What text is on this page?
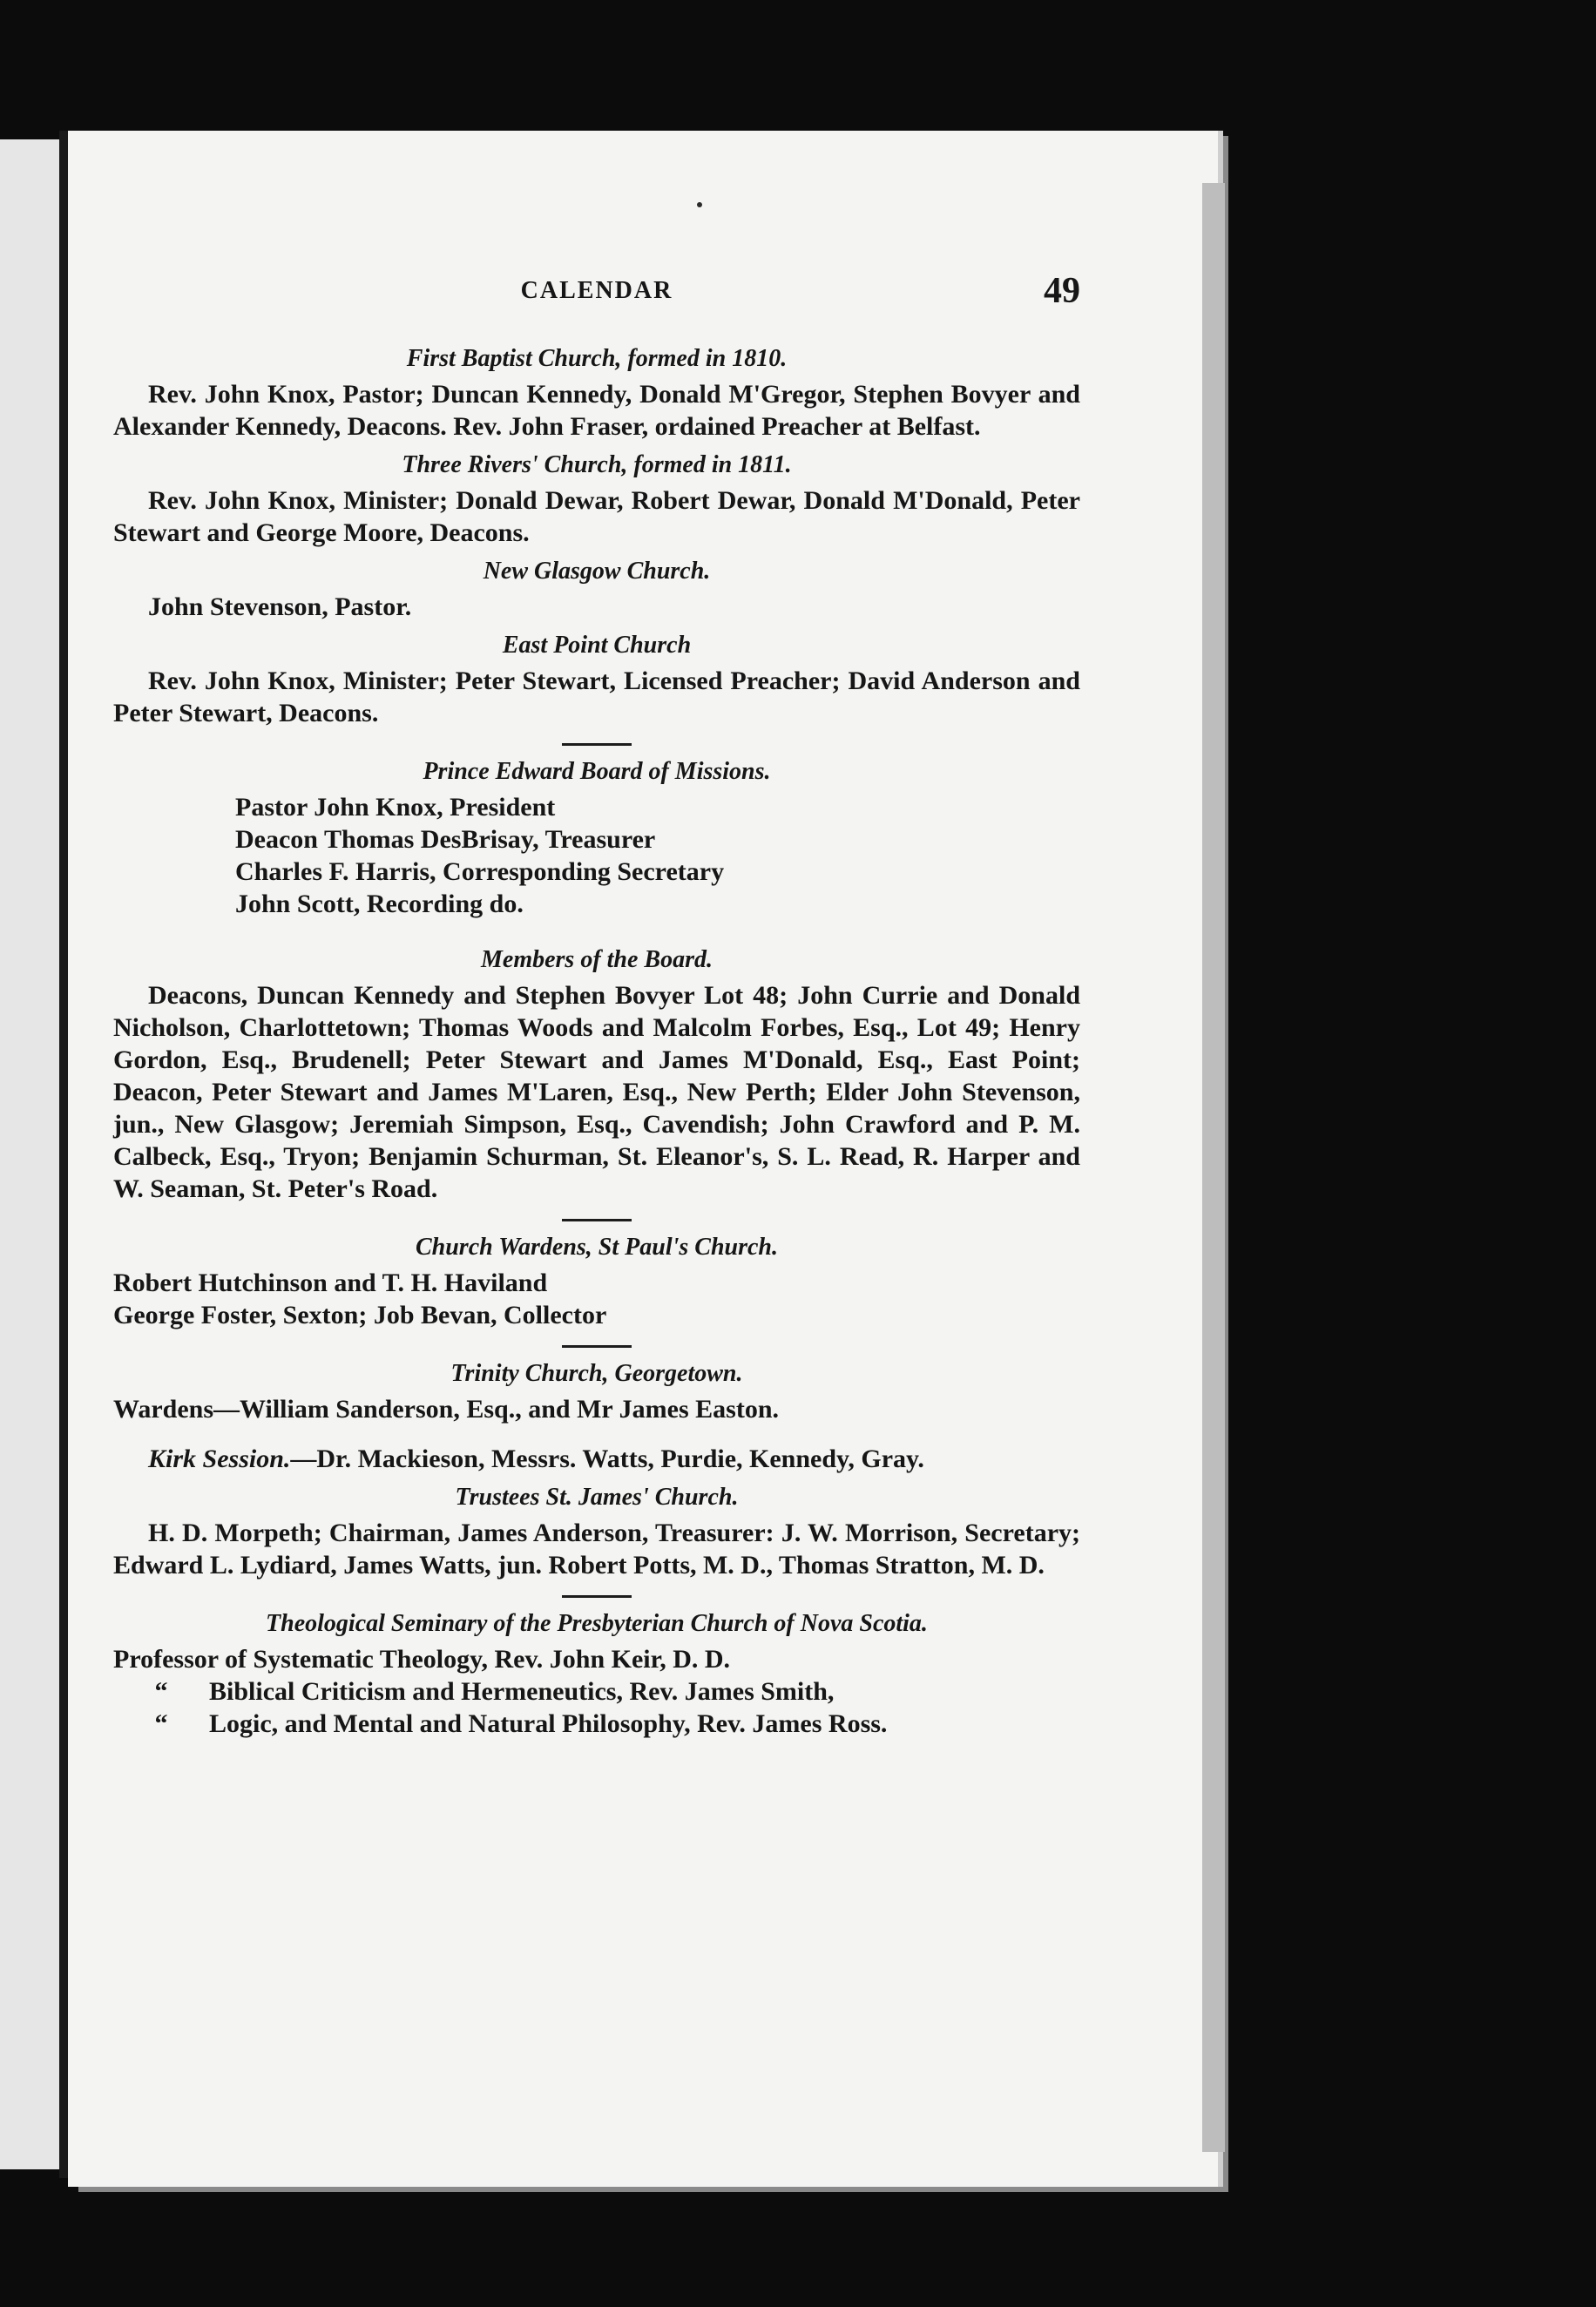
CALENDAR	49
First Baptist Church, formed in 1810.

Rev. John Knox, Pastor; Duncan Kennedy, Donald M'Gregor, Stephen Bovyer and Alexander Kennedy, Deacons. Rev. John Fraser, ordained Preacher at Belfast.

Three Rivers' Church, formed in 1811.

Rev. John Knox, Minister; Donald Dewar, Robert Dewar, Donald M'Donald, Peter Stewart and George Moore, Deacons.

New Glasgow Church.

John Stevenson, Pastor.

East Point Church

Rev. John Knox, Minister; Peter Stewart, Licensed Preacher; David Anderson and Peter Stewart, Deacons.

Prince Edward Board of Missions.
Pastor John Knox, President
Deacon Thomas DesBrisay, Treasurer
Charles F. Harris, Corresponding Secretary
John Scott, Recording do.
Members of the Board.

Deacons, Duncan Kennedy and Stephen Bovyer Lot 48; John Currie and Donald Nicholson, Charlottetown; Thomas Woods and Malcolm Forbes, Esq., Lot 49; Henry Gordon, Esq., Brudenell; Peter Stewart and James M'Donald, Esq., East Point; Deacon, Peter Stewart and James M'Laren, Esq., New Perth; Elder John Stevenson, jun., New Glasgow; Jeremiah Simpson, Esq., Cavendish; John Crawford and P. M. Calbeck, Esq., Tryon; Benjamin Schurman, St. Eleanor's, S. L. Read, R. Harper and W. Seaman, St. Peter's Road.

Church Wardens, St Paul's Church.
Robert Hutchinson and T. H. Haviland
George Foster, Sexton; Job Bevan, Collector
Trinity Church, Georgetown.

Wardens—William Sanderson, Esq., and Mr James Easton.

Kirk Session.—Dr. Mackieson, Messrs. Watts, Purdie, Kennedy, Gray.

Trustees St. James' Church.

H. D. Morpeth; Chairman, James Anderson, Treasurer: J. W. Morrison, Secretary; Edward L. Lydiard, James Watts, jun. Robert Potts, M. D., Thomas Stratton, M. D.

Theological Seminary of the Presbyterian Church of Nova Scotia.
Professor of Systematic Theology, Rev. John Keir, D. D.
“	Biblical Criticism and Hermeneutics, Rev. James Smith,
“	Logic, and Mental and Natural Philosophy, Rev. James Ross.
